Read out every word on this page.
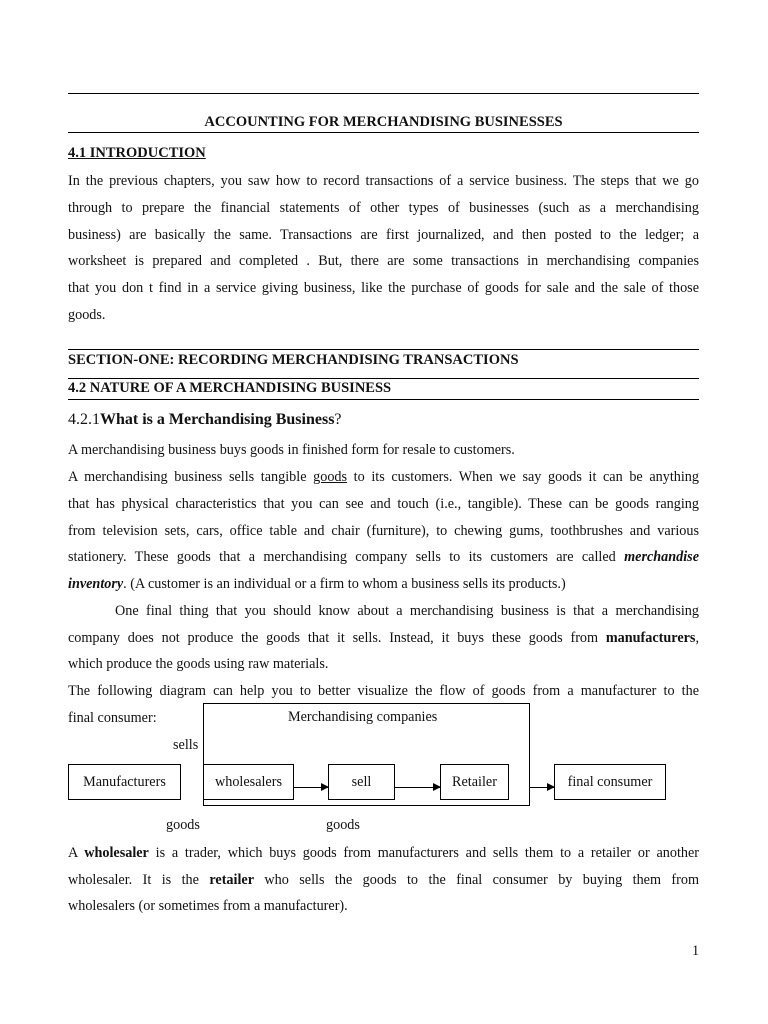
ACCOUNTING FOR MERCHANDISING BUSINESSES
4.1 INTRODUCTION
In the previous chapters, you saw how to record transactions of a service business. The steps that we go
through to prepare the financial statements of other types of businesses (such as a merchandising
business) are basically the same. Transactions are first journalized, and then posted to the ledger; a
worksheet is prepared and completed . But, there are some transactions in merchandising companies
that you don t find in a service giving business, like the purchase of goods for sale and the sale of those
goods.
SECTION-ONE: RECORDING MERCHANDISING TRANSACTIONS
4.2 NATURE OF A MERCHANDISING BUSINESS
4.2.1What is a Merchandising Business?
A merchandising business buys goods in finished form for resale to customers.
A merchandising business sells tangible goods to its customers. When we say goods it can be anything
that has physical characteristics that you can see and touch (i.e., tangible). These can be goods ranging
from television sets, cars, office table and chair (furniture), to chewing gums, toothbrushes and various
stationery. These goods that a merchandising company sells to its customers are called merchandise
inventory. (A customer is an individual or a firm to whom a business sells its products.)
One final thing that you should know about a merchandising business is that a merchandising
company does not produce the goods that it sells. Instead, it buys these goods from manufacturers,
which produce the goods using raw materials.
The following diagram can help you to better visualize the flow of goods from a manufacturer to the
final consumer:	Merchandising companies
sells
Manufacturers	wholesalers	sell	Retailer	final consumer
goods	goods
A wholesaler is a trader, which buys goods from manufacturers and sells them to a retailer or another
wholesaler. It is the retailer who sells the goods to the final consumer by buying them from
wholesalers (or sometimes from a manufacturer).
1
